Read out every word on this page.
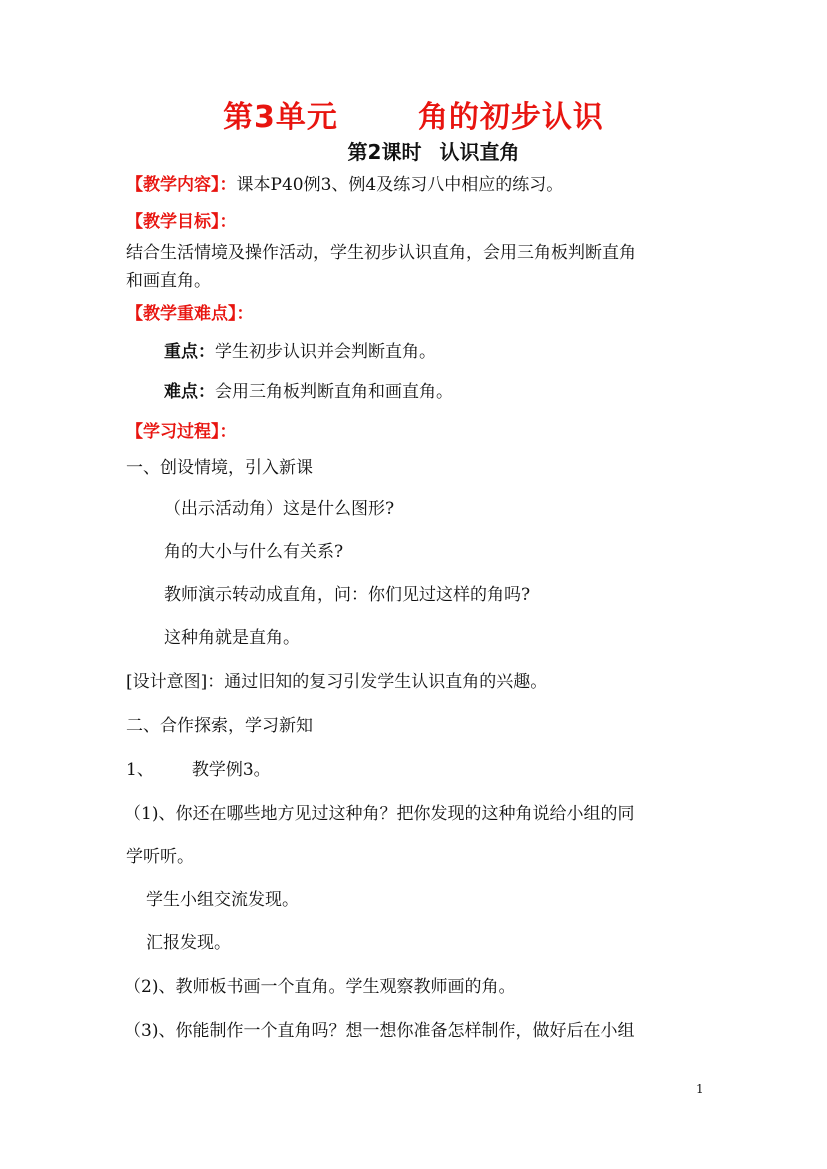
第3单元	角的初步认识
第2课时 认识直角
【教学内容】：课本P40例3、例4及练习八中相应的练习。
【教学目标】：
结合生活情境及操作活动，学生初步认识直角，会用三角板判断直角
和画直角。
【教学重难点】：
重点：学生初步认识并会判断直角。
难点：会用三角板判断直角和画直角。
【学习过程】：
一、创设情境，引入新课
（出示活动角）这是什么图形?
角的大小与什么有关系?
教师演示转动成直角，问：你们见过这样的角吗?
这种角就是直角。
[设计意图]：通过旧知的复习引发学生认识直角的兴趣。
二、合作探索，学习新知
1、 教学例3。
（1)、你还在哪些地方见过这种角？把你发现的这种角说给小组的同
学听听。
学生小组交流发现。
汇报发现。
（2)、教师板书画一个直角。学生观察教师画的角。
（3)、你能制作一个直角吗？想一想你准备怎样制作，做好后在小组
1
